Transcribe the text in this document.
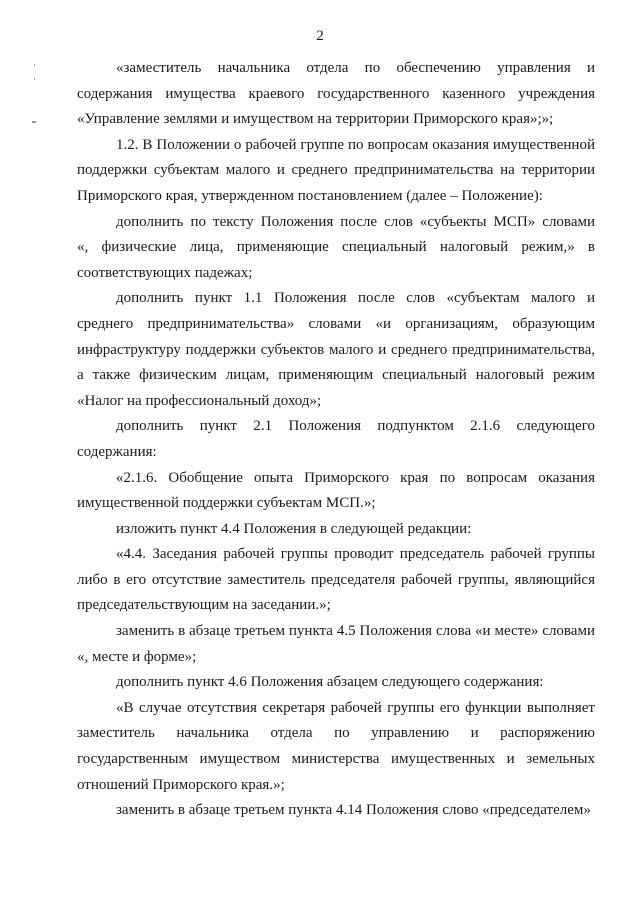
2
«заместитель начальника отдела по обеспечению управления и
содержания имущества краевого государственного казенного учреждения
«Управление землями и имуществом на территории Приморского края»;»;
1.2. В Положении о рабочей группе по вопросам оказания имущественной
поддержки субъектам малого и среднего предпринимательства на территории
Приморского края, утвержденном постановлением (далее – Положение):
дополнить по тексту Положения после слов «субъекты МСП» словами
«, физические лица, применяющие специальный налоговый режим,» в
соответствующих падежах;
дополнить пункт 1.1 Положения после слов «субъектам малого и
среднего предпринимательства» словами «и организациям, образующим
инфраструктуру поддержки субъектов малого и среднего предпринимательства,
а также физическим лицам, применяющим специальный налоговый режим
«Налог на профессиональный доход»;
дополнить пункт 2.1 Положения подпунктом 2.1.6 следующего
содержания:
«2.1.6. Обобщение опыта Приморского края по вопросам оказания
имущественной поддержки субъектам МСП.»;
изложить пункт 4.4 Положения в следующей редакции:
«4.4. Заседания рабочей группы проводит председатель рабочей группы
либо в его отсутствие заместитель председателя рабочей группы, являющийся
председательствующим на заседании.»;
заменить в абзаце третьем пункта 4.5 Положения слова «и месте» словами
«, месте и форме»;
дополнить пункт 4.6 Положения абзацем следующего содержания:
«В случае отсутствия секретаря рабочей группы его функции выполняет
заместитель начальника отдела по управлению и распоряжению
государственным имуществом министерства имущественных и земельных
отношений Приморского края.»;
заменить в абзаце третьем пункта 4.14 Положения слово «председателем»
